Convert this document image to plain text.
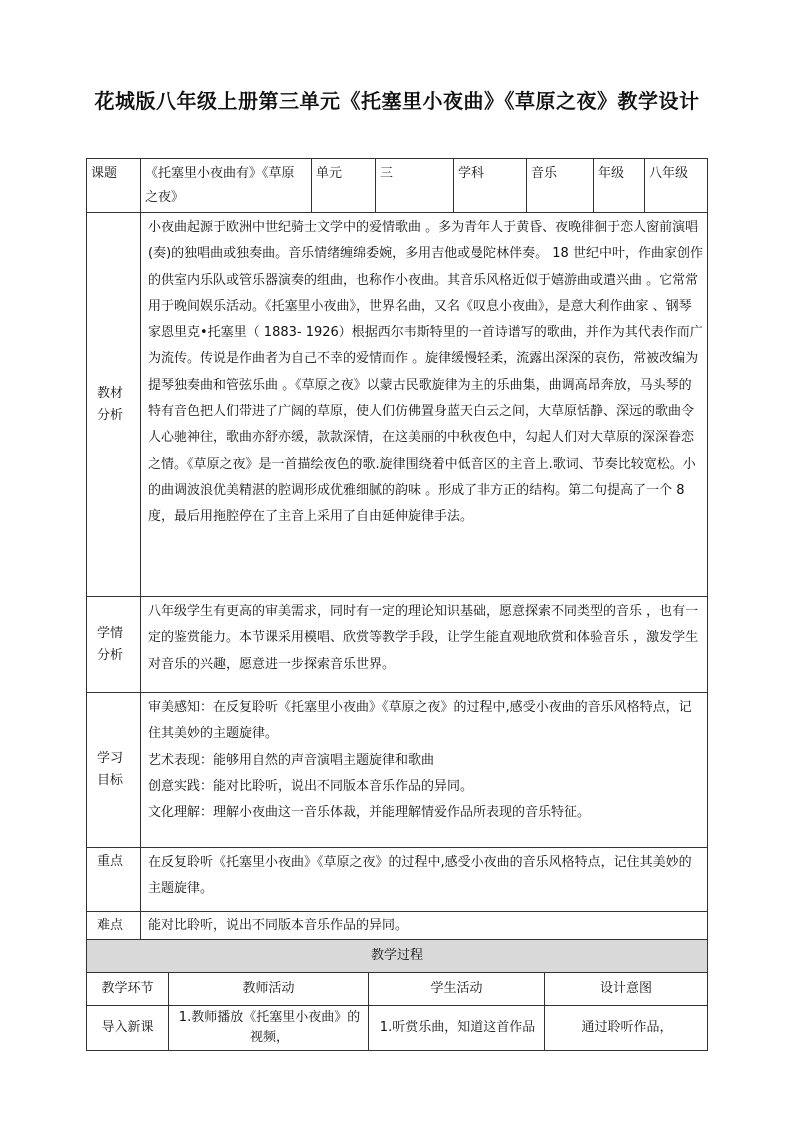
花城版八年级上册第三单元《托塞里小夜曲》《草原之夜》教学设计
课题	《托塞里小夜曲有》《草原之夜》	单元	三	学科	音乐	年级	八年级

教材分析	小夜曲起源于欧洲中世纪骑士文学中的爱情歌曲 。多为青年人于黄昏、夜晚徘徊于恋人窗前演唱(奏)的独唱曲或独奏曲。音乐情绪缠绵委婉，多用吉他或曼陀林伴奏。 18 世纪中叶，作曲家创作的供室内乐队或管乐器演奏的组曲，也称作小夜曲。其音乐风格近似于嬉游曲或遣兴曲 。它常常用于晚间娱乐活动。《托塞里小夜曲》，世界名曲，又名《叹息小夜曲》，是意大利作曲家 、钢琴家恩里克•托塞里（ 1883- 1926）根据西尔韦斯特里的一首诗谱写的歌曲，并作为其代表作而广为流传。传说是作曲者为自己不幸的爱情而作 。旋律缓慢轻柔，流露出深深的哀伤，常被改编为提琴独奏曲和管弦乐曲 。《草原之夜》以蒙古民歌旋律为主的乐曲集，曲调高昂奔放，马头琴的特有音色把人们带进了广阔的草原，使人们仿佛置身蓝天白云之间，大草原恬静、深远的歌曲令人心驰神往，歌曲亦舒亦缓，款款深情，在这美丽的中秋夜色中，勾起人们对大草原的深深眷恋之情。《草原之夜》是一首描绘夜色的歌.旋律围绕着中低音区的主音上.歌词、节奏比较宽松。小的曲调波浪优美精湛的腔调形成优雅细腻的韵味 。形成了非方正的结构。第二句提高了一个 8 度，最后用拖腔停在了主音上采用了自由延伸旋律手法。						

学情分析	八年级学生有更高的审美需求，同时有一定的理论知识基础，愿意探索不同类型的音乐 ，也有一定的鉴赏能力。本节课采用模唱、欣赏等教学手段，让学生能直观地欣赏和体验音乐 ，激发学生对音乐的兴趣，愿意进一步探索音乐世界。						

学习目标	审美感知：在反复聆听《托塞里小夜曲》《草原之夜》的过程中,感受小夜曲的音乐风格特点，记住其美妙的主题旋律。
艺术表现：能够用自然的声音演唱主题旋律和歌曲
创意实践：能对比聆听，说出不同版本音乐作品的异同。
文化理解：理解小夜曲这一音乐体裁，并能理解情爱作品所表现的音乐特征。						

重点	在反复聆听《托塞里小夜曲》《草原之夜》的过程中,感受小夜曲的音乐风格特点，记住其美妙的主题旋律。						
难点	能对比聆听，说出不同版本音乐作品的异同。						
教学过程			
教学环节	教师活动	学生活动	设计意图
导入新课	1.教师播放《托塞里小夜曲》的视频，	1.听赏乐曲，知道这首作品	通过聆听作品，
